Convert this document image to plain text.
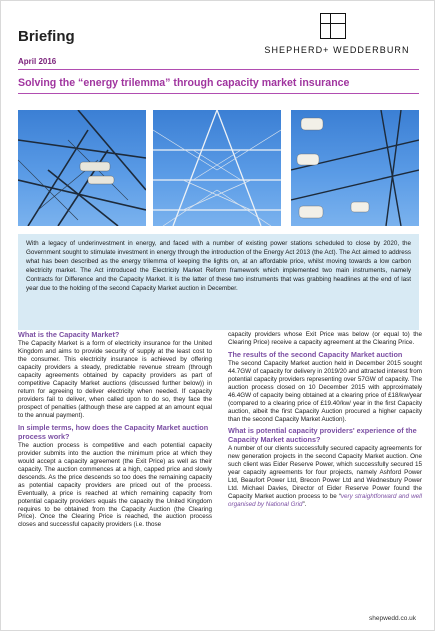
Briefing
April 2016
SHEPHERD+ WEDDERBURN
Solving the “energy trilemma” through capacity market insurance
With a legacy of underinvestment in energy, and faced with a number of existing power stations scheduled to close by 2020, the Government sought to stimulate investment in energy through the introduction of the Energy Act 2013 (the Act). The Act aimed to address what has been described as the energy trilemma of keeping the lights on, at an affordable price, whilst moving towards a low carbon electricity market. The Act introduced the Electricity Market Reform framework which implemented two main instruments, namely Contracts for Difference and the Capacity Market. It is the latter of these two instruments that was grabbing headlines at the end of last year due to the holding of the second Capacity Market auction in December.
What is the Capacity Market?

The Capacity Market is a form of electricity insurance for the United Kingdom and aims to provide security of supply at the least cost to the consumer. This electricity insurance is achieved by offering capacity providers a steady, predictable revenue stream (through capacity agreements obtained by capacity providers as part of competitive Capacity Market auctions (discussed further below)) in return for agreeing to deliver electricity when needed. If capacity providers fail to deliver, when called upon to do so, they face the prospect of penalties (although these are capped at an amount equal to the annual payment).

In simple terms, how does the Capacity Market auction process work?

The auction process is competitive and each potential capacity provider submits into the auction the minimum price at which they would accept a capacity agreement (the Exit Price) as well as their capacity. The auction commences at a high, capped price and slowly descends. As the price descends so too does the remaining capacity as potential capacity providers are priced out of the process. Eventually, a price is reached at which remaining capacity from potential capacity providers equals the capacity the United Kingdom requires to be obtained from the Capacity Auction (the Clearing Price). Once the Clearing Price is reached, the auction process closes and successful capacity providers (i.e. those

capacity providers whose Exit Price was below (or equal to) the Clearing Price) receive a capacity agreement at the Clearing Price.

The results of the second Capacity Market auction

The second Capacity Market auction held in December 2015 sought 44.7GW of capacity for delivery in 2019/20 and attracted interest from potential capacity providers representing over 57GW of capacity. The auction process closed on 10 December 2015 with approximately 46.4GW of capacity being obtained at a clearing price of £18/kw/year (compared to a clearing price of £19.40/kw/ year in the first Capacity auction, albeit the first Capacity Auction procured a higher capacity than the second Capacity Market Auction).

What is potential capacity providers' experience of the Capacity Market auctions?

A number of our clients successfully secured capacity agreements for new generation projects in the second Capacity Market auction. One such client was Eider Reserve Power, which successfully secured 15 year capacity agreements for four projects, namely Ashford Power Ltd, Beaufort Power Ltd, Brecon Power Ltd and Wednesbury Power Ltd. Michael Davies, Director of Eider Reserve Power found the Capacity Market auction process to be “very straightforward and well organised by National Grid”.

shepwedd.co.uk
